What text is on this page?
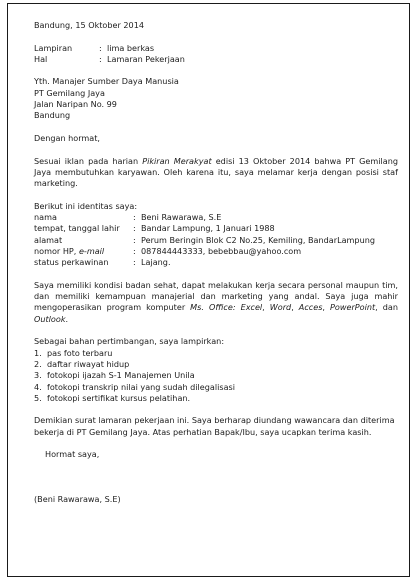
Bandung, 15 Oktober 2014
Lampiran	: lima berkas
Hal	: Lamaran Pekerjaan
Yth. Manajer Sumber Daya Manusia
PT Gemilang Jaya
Jalan Naripan No. 99
Bandung
Dengan hormat,

Sesuai iklan pada harian Pikiran Merakyat edisi 13 Oktober 2014 bahwa PT Gemilang Jaya membutuhkan karyawan. Oleh karena itu, saya melamar kerja dengan posisi staf marketing.

Berikut ini identitas saya:
nama	: Beni Rawarawa, S.E
tempat, tanggal lahir	: Bandar Lampung, 1 Januari 1988
alamat	: Perum Beringin Blok C2 No.25, Kemiling, BandarLampung
nomor HP, e-mail	: 087844443333, bebebbau@yahoo.com
status perkawinan	: Lajang.

Saya memiliki kondisi badan sehat, dapat melakukan kerja secara personal maupun tim, dan memiliki kemampuan manajerial dan marketing yang andal. Saya juga mahir mengoperasikan program komputer Ms. Office: Excel, Word, Acces, PowerPoint, dan Outlook.

Sebagai bahan pertimbangan, saya lampirkan:
1. pas foto terbaru
2. daftar riwayat hidup
3. fotokopi ijazah S-1 Manajemen Unila
4. fotokopi transkrip nilai yang sudah dilegalisasi
5. fotokopi sertifikat kursus pelatihan.

Demikian surat lamaran pekerjaan ini. Saya berharap diundang wawancara dan diterima bekerja di PT Gemilang Jaya. Atas perhatian Bapak/Ibu, saya ucapkan terima kasih.

Hormat saya,
(Beni Rawarawa, S.E)
